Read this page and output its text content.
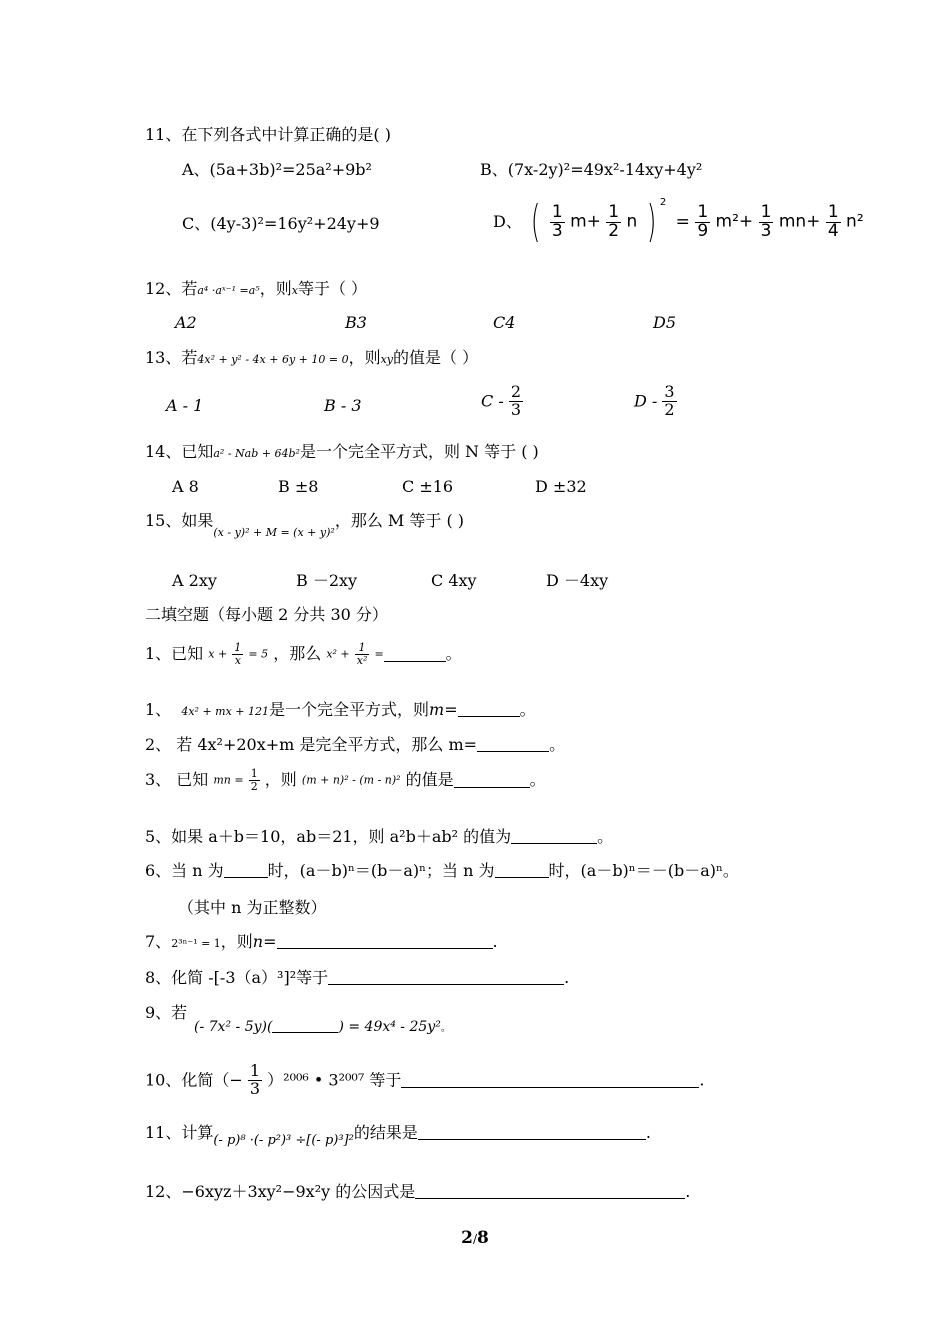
11、在下列各式中计算正确的是( )
A、(5a+3b)²=25a²+9b²	B、(7x-2y)²=49x²-14xy+4y²
C、(4y-3)²=16y²+24y+9	D、 ( $\frac{1}{3} m+ \frac{1}{2}$ n ) $^2 = \frac{1}{9} m^2+ \frac{1}{3} mn+ \frac{1}{4} n^2$
12、若a⁴ ·aˣ⁻¹ =a⁵，则x等于（ ）
A2	B3	C4	D5
13、若4x² + y² - 4x + 6y + 10 = 0，则xy的值是（ ）
A - 1	B - 3	C - $\frac{2}{3}$	D - $\frac{3}{2}$
14、已知a² - Nab + 64b²是一个完全平方式，则 N 等于 ( )
A 8	B ±8	C ±16	D ±32
15、如果$_{(x - y)^2 + M = (x + y)^2}$，那么 M 等于 ( )
A 2xy	B －2xy	C 4xy	D －4xy
二填空题（每小题 2 分共 30 分）
1、已知 $x + \frac{1}{x} = 5$ ，那么 $x^2 + \frac{1}{\text{x²}}$ =	。
1、 4x² + mx + 121是一个完全平方式，则m=	。
2、 若 4x²+20x+m 是完全平方式，那么 m=	。
3、 已知 mn = $\frac{1}{2}$ ，则 (m + n)² - (m - n)² 的值是	。
5、如果 a＋b＝10，ab＝21，则 a²b＋ab² 的值为	。
6、当 n 为	时，(a－b)ⁿ＝(b－a)ⁿ；当 n 为	时，(a－b)ⁿ＝－(b－a)ⁿ。
（其中 n 为正整数）
7、2³ⁿ⁻¹ = 1，则n=	.
8、化简 -[-3（a）³]²等于	.
9、若
(- 7x² - 5y)(	) = 49x⁴ - 25y²。
10、化简（− $\frac{1}{3} )^{2006}$ • 3²⁰⁰⁷ 等于	.
11、计算$_{(- p)^8 \cdot(- p^2)^3 \div[(- p)^3]^2}$的结果是	.
12、−6xyz＋3xy²−9x²y 的公因式是	.
2/8
